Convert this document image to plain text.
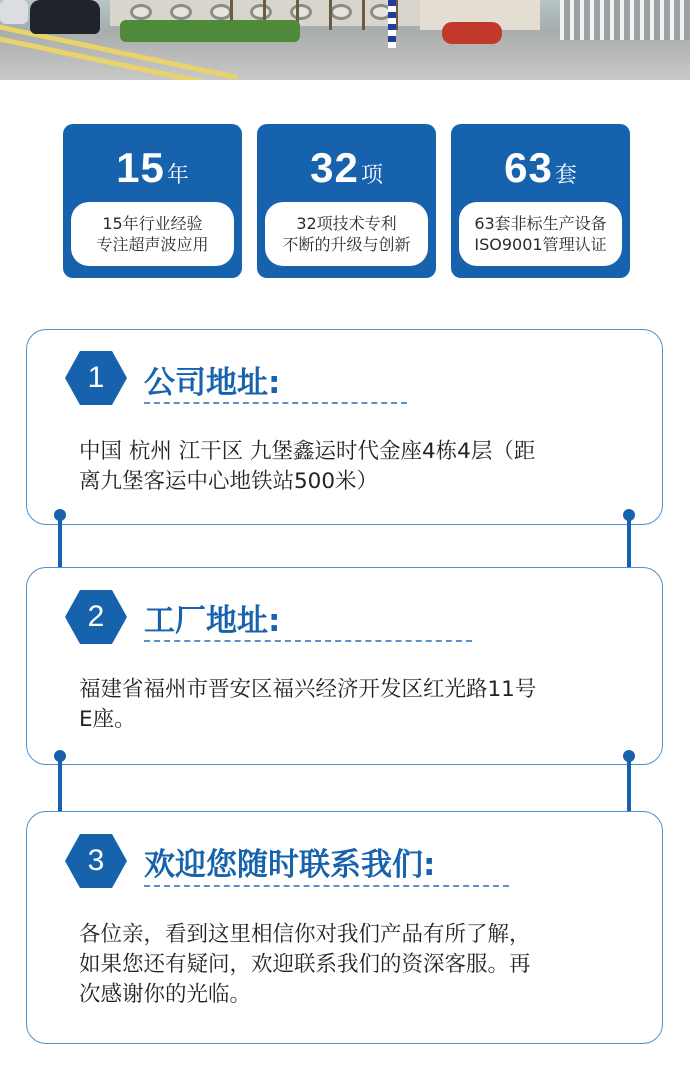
15年
15年行业经验
专注超声波应用
32项
32项技术专利
不断的升级与创新
63套
63套非标生产设备
ISO9001管理认证
1	公司地址:
中国 杭州 江干区 九堡鑫运时代金座4栋4层（距
离九堡客运中心地铁站500米）
2	工厂地址:
福建省福州市晋安区福兴经济开发区红光路11号
E座。
3	欢迎您随时联系我们:
各位亲，看到这里相信你对我们产品有所了解，
如果您还有疑问，欢迎联系我们的资深客服。再
次感谢你的光临。
